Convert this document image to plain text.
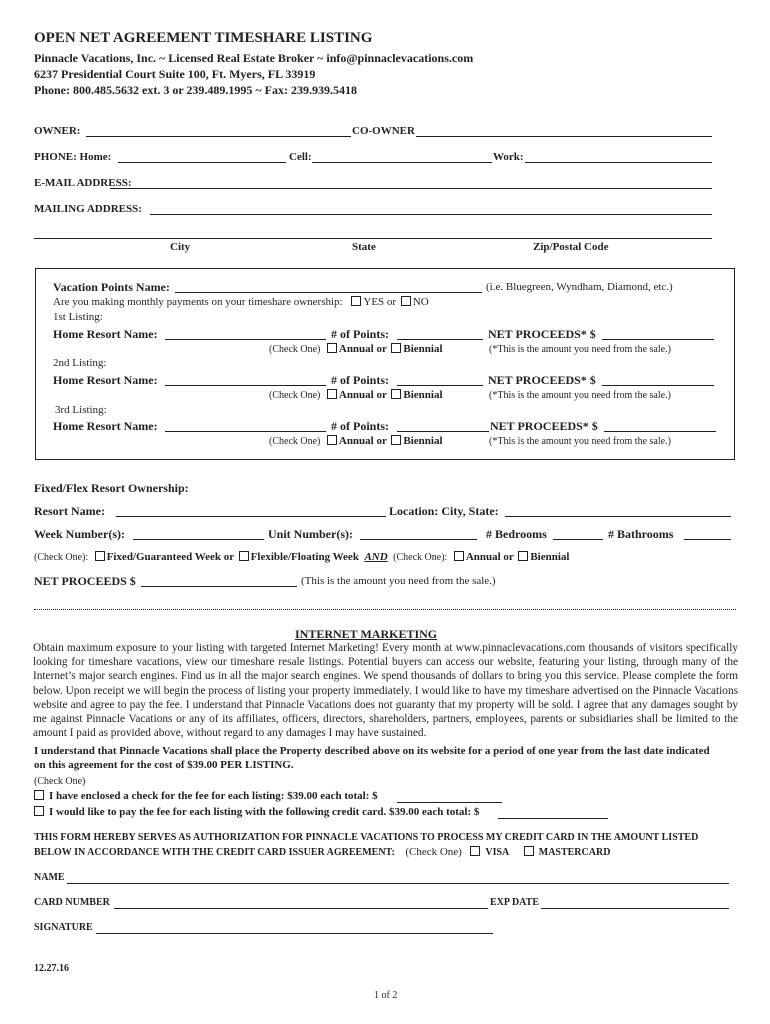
OPEN NET AGREEMENT TIMESHARE LISTING
Pinnacle Vacations, Inc. ~ Licensed Real Estate Broker ~ info@pinnaclevacations.com
6237 Presidential Court Suite 100, Ft. Myers, FL 33919
Phone: 800.485.5632 ext. 3 or 239.489.1995 ~ Fax: 239.939.5418
OWNER:	CO-OWNER
PHONE: Home:	Cell:	Work:
E-MAIL ADDRESS:
MAILING ADDRESS:
City	State	Zip/Postal Code
Vacation Points Name:	(i.e. Bluegreen, Wyndham, Diamond, etc.)
Are you making monthly payments on your timeshare ownership: YES or NO
1st Listing:
Home Resort Name:	# of Points:	NET PROCEEDS* $
(Check One) Annual or Biennial	(*This is the amount you need from the sale.)
2nd Listing:
Home Resort Name:	# of Points:	NET PROCEEDS* $
(Check One) Annual or Biennial	(*This is the amount you need from the sale.)
3rd Listing:
Home Resort Name:	# of Points:	NET PROCEEDS* $
(Check One) Annual or Biennial	(*This is the amount you need from the sale.)
Fixed/Flex Resort Ownership:
Resort Name:	Location: City, State:
Week Number(s):	Unit Number(s):	# Bedrooms	# Bathrooms
(Check One): Fixed/Guaranteed Week or Flexible/Floating Week AND (Check One): Annual or Biennial
NET PROCEEDS $	(This is the amount you need from the sale.)
INTERNET MARKETING
Obtain maximum exposure to your listing with targeted Internet Marketing! Every month at www.pinnaclevacations.com thousands of visitors specifically looking for timeshare vacations, view our timeshare resale listings. Potential buyers can access our website, featuring your listing, through many of the Internet’s major search engines. Find us in all the major search engines. We spend thousands of dollars to bring you this service. Please complete the form below. Upon receipt we will begin the process of listing your property immediately. I would like to have my timeshare advertised on the Pinnacle Vacations website and agree to pay the fee. I understand that Pinnacle Vacations does not guaranty that my property will be sold. I agree that any damages sought by me against Pinnacle Vacations or any of its affiliates, officers, directors, shareholders, partners, employees, parents or subsidiaries shall be limited to the amount I paid as provided above, without regard to any damages I may have sustained.
I understand that Pinnacle Vacations shall place the Property described above on its website for a period of one year from the last date indicated
on this agreement for the cost of $39.00 PER LISTING.
(Check One)
I have enclosed a check for the fee for each listing: $39.00 each total: $
I would like to pay the fee for each listing with the following credit card. $39.00 each total: $
THIS FORM HEREBY SERVES AS AUTHORIZATION FOR PINNACLE VACATIONS TO PROCESS MY CREDIT CARD IN THE AMOUNT LISTED
BELOW IN ACCORDANCE WITH THE CREDIT CARD ISSUER AGREEMENT: (Check One) VISA	MASTERCARD
NAME
CARD NUMBER	EXP DATE
SIGNATURE
12.27.16
1 of 2
